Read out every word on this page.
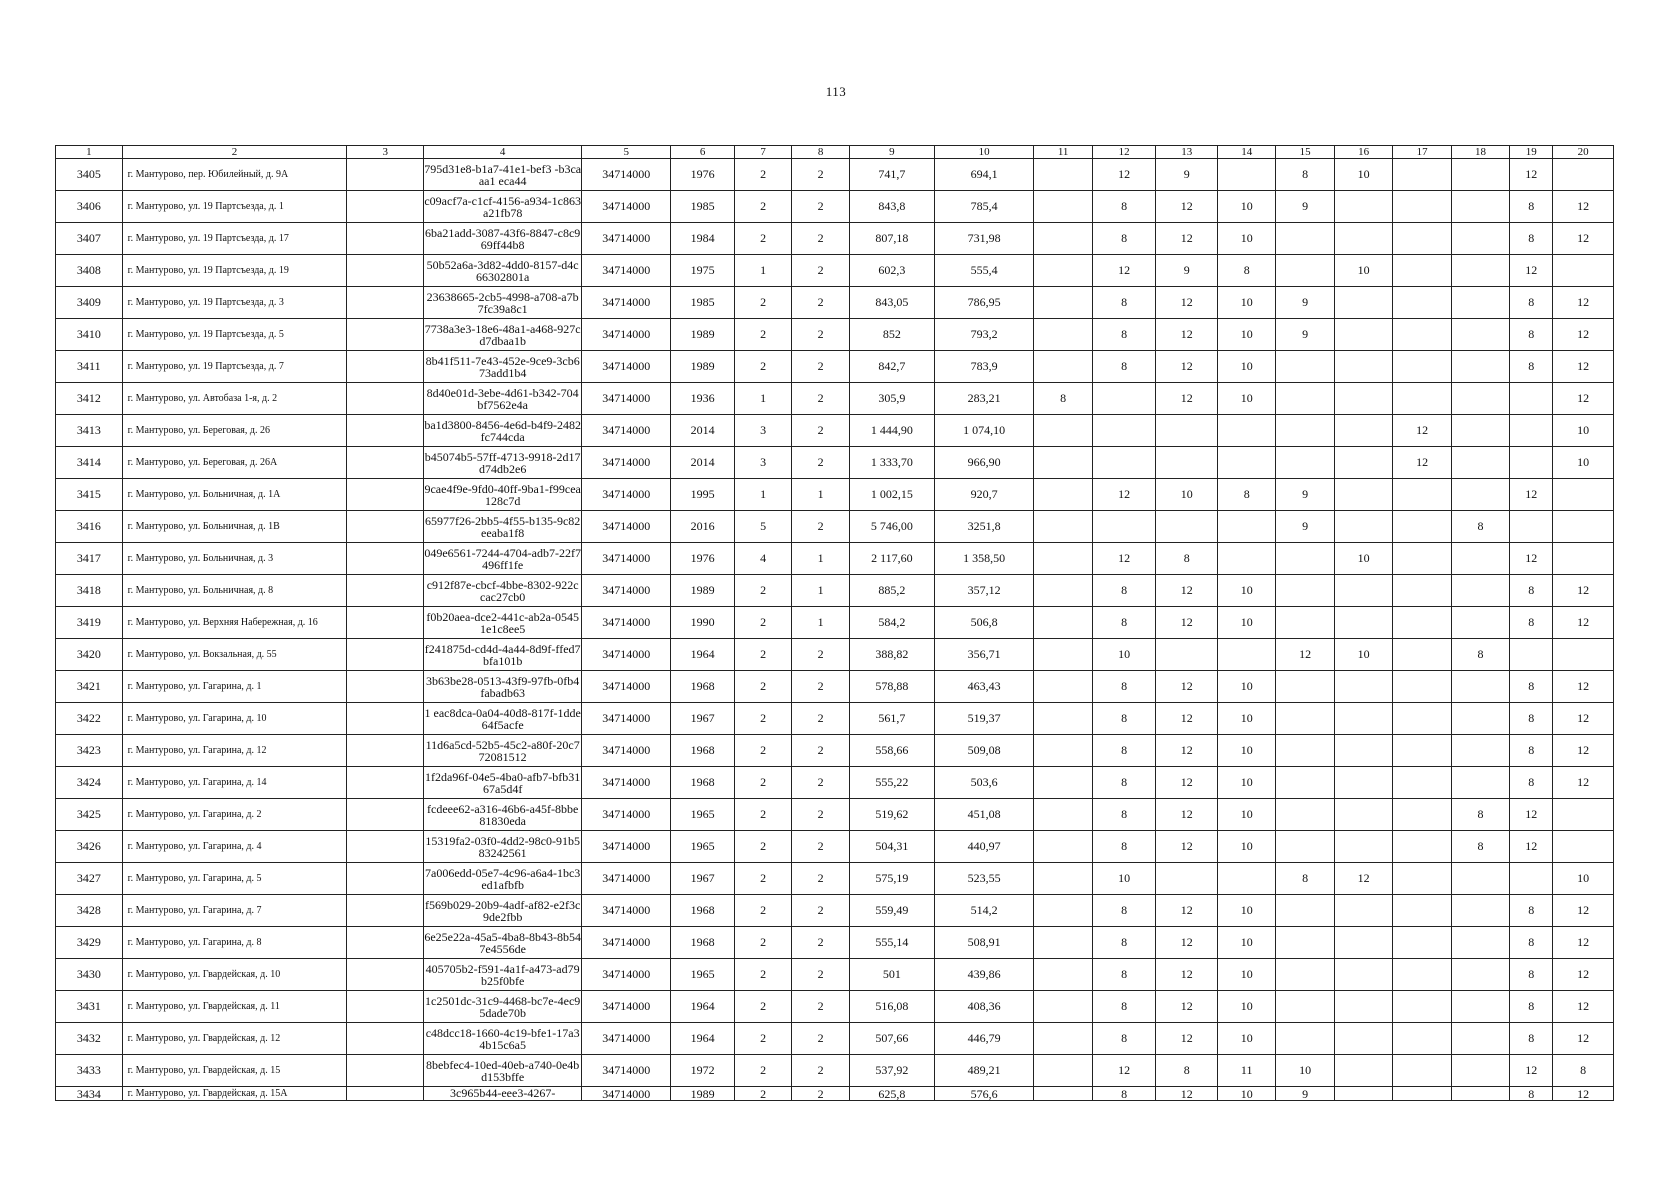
113
1	2	3	4	5	6	7	8	9	10	11	12	13	14	15	16	17	18	19	20
3405	г. Мантурово, пер. Юбилейный, д. 9А		795d31e8-b1a7-41e1-bef3 -b3caaa1 eca44	34714000	1976	2	2	741,7	694,1		12	9		8	10			12	
3406	г. Мантурово, ул. 19 Партсъезда, д. 1		c09acf7a-c1cf-4156-a934-1c863a21fb78	34714000	1985	2	2	843,8	785,4		8	12	10	9				8	12
3407	г. Мантурово, ул. 19 Партсъезда, д. 17		6ba21add-3087-43f6-8847-c8c969ff44b8	34714000	1984	2	2	807,18	731,98		8	12	10					8	12
3408	г. Мантурово, ул. 19 Партсъезда, д. 19		50b52a6a-3d82-4dd0-8157-d4c66302801a	34714000	1975	1	2	602,3	555,4		12	9	8		10			12	
3409	г. Мантурово, ул. 19 Партсъезда, д. 3		23638665-2cb5-4998-a708-a7b7fc39a8c1	34714000	1985	2	2	843,05	786,95		8	12	10	9				8	12
3410	г. Мантурово, ул. 19 Партсъезда, д. 5		7738a3e3-18e6-48a1-a468-927cd7dbaa1b	34714000	1989	2	2	852	793,2		8	12	10	9				8	12
3411	г. Мантурово, ул. 19 Партсъезда, д. 7		8b41f511-7e43-452e-9ce9-3cb673add1b4	34714000	1989	2	2	842,7	783,9		8	12	10					8	12
3412	г. Мантурово, ул. Автобаза 1-я, д. 2		8d40e01d-3ebe-4d61-b342-704bf7562e4a	34714000	1936	1	2	305,9	283,21	8		12	10						12
3413	г. Мантурово, ул. Береговая, д. 26		ba1d3800-8456-4e6d-b4f9-2482fc744cda	34714000	2014	3	2	1 444,90	1 074,10							12			10
3414	г. Мантурово, ул. Береговая, д. 26А		b45074b5-57ff-4713-9918-2d17d74db2e6	34714000	2014	3	2	1 333,70	966,90							12			10
3415	г. Мантурово, ул. Больничная, д. 1А		9cae4f9e-9fd0-40ff-9ba1-f99cea128c7d	34714000	1995	1	1	1 002,15	920,7		12	10	8	9				12	
3416	г. Мантурово, ул. Больничная, д. 1В		65977f26-2bb5-4f55-b135-9c82eeaba1f8	34714000	2016	5	2	5 746,00	3251,8					9			8		
3417	г. Мантурово, ул. Больничная, д. 3		049e6561-7244-4704-adb7-22f7496ff1fe	34714000	1976	4	1	2 117,60	1 358,50		12	8			10			12	
3418	г. Мантурово, ул. Больничная, д. 8		c912f87e-cbcf-4bbe-8302-922ccac27cb0	34714000	1989	2	1	885,2	357,12		8	12	10					8	12
3419	г. Мантурово, ул. Верхняя Набережная, д. 16		f0b20aea-dce2-441c-ab2a-05451e1c8ee5	34714000	1990	2	1	584,2	506,8		8	12	10					8	12
3420	г. Мантурово, ул. Вокзальная, д. 55		f241875d-cd4d-4a44-8d9f-ffed7bfa101b	34714000	1964	2	2	388,82	356,71		10			12	10		8		
3421	г. Мантурово, ул. Гагарина, д. 1		3b63be28-0513-43f9-97fb-0fb4fabadb63	34714000	1968	2	2	578,88	463,43		8	12	10					8	12
3422	г. Мантурово, ул. Гагарина, д. 10		1 eac8dca-0a04-40d8-817f-1dde64f5acfe	34714000	1967	2	2	561,7	519,37		8	12	10					8	12
3423	г. Мантурово, ул. Гагарина, д. 12		11d6a5cd-52b5-45c2-a80f-20c772081512	34714000	1968	2	2	558,66	509,08		8	12	10					8	12
3424	г. Мантурово, ул. Гагарина, д. 14		1f2da96f-04e5-4ba0-afb7-bfb3167a5d4f	34714000	1968	2	2	555,22	503,6		8	12	10					8	12
3425	г. Мантурово, ул. Гагарина, д. 2		fcdeee62-a316-46b6-a45f-8bbe81830eda	34714000	1965	2	2	519,62	451,08		8	12	10				8	12	
3426	г. Мантурово, ул. Гагарина, д. 4		15319fa2-03f0-4dd2-98c0-91b583242561	34714000	1965	2	2	504,31	440,97		8	12	10				8	12	
3427	г. Мантурово, ул. Гагарина, д. 5		7a006edd-05e7-4c96-a6a4-1bc3ed1afbfb	34714000	1967	2	2	575,19	523,55		10			8	12				10
3428	г. Мантурово, ул. Гагарина, д. 7		f569b029-20b9-4adf-af82-e2f3c9de2fbb	34714000	1968	2	2	559,49	514,2		8	12	10					8	12
3429	г. Мантурово, ул. Гагарина, д. 8		6e25e22a-45a5-4ba8-8b43-8b547e4556de	34714000	1968	2	2	555,14	508,91		8	12	10					8	12
3430	г. Мантурово, ул. Гвардейская, д. 10		405705b2-f591-4a1f-a473-ad79b25f0bfe	34714000	1965	2	2	501	439,86		8	12	10					8	12
3431	г. Мантурово, ул. Гвардейская, д. 11		1c2501dc-31c9-4468-bc7e-4ec95dade70b	34714000	1964	2	2	516,08	408,36		8	12	10					8	12
3432	г. Мантурово, ул. Гвардейская, д. 12		c48dcc18-1660-4c19-bfe1-17a34b15c6a5	34714000	1964	2	2	507,66	446,79		8	12	10					8	12
3433	г. Мантурово, ул. Гвардейская, д. 15		8bebfec4-10ed-40eb-a740-0e4bd153bffe	34714000	1972	2	2	537,92	489,21		12	8	11	10				12	8
3434	г. Мантурово, ул. Гвардейская, д. 15А		3c965b44-eee3-4267-	34714000	1989	2	2	625,8	576,6		8	12	10	9				8	12
